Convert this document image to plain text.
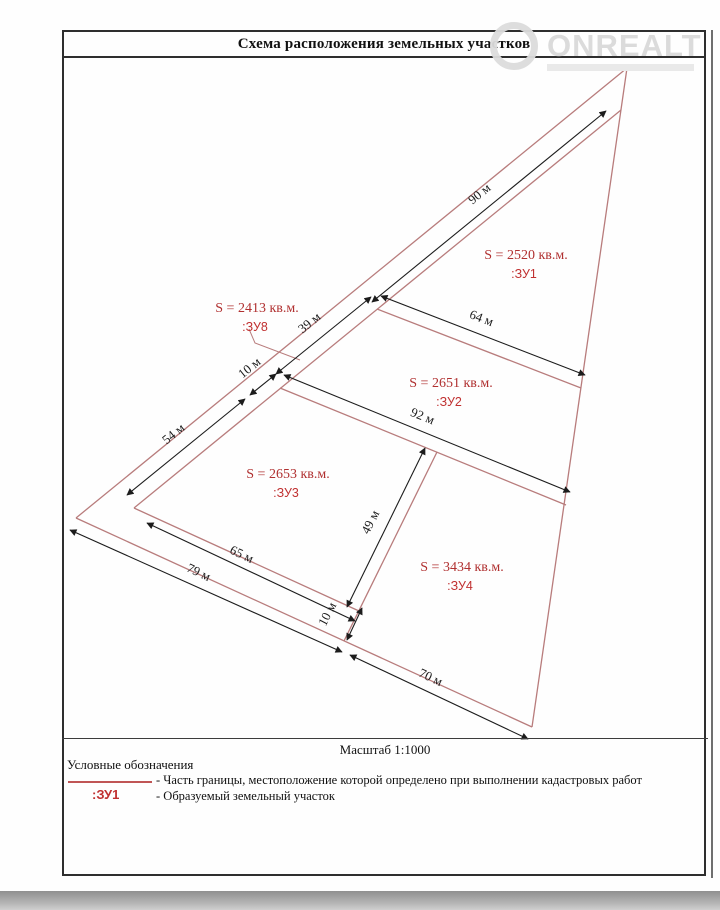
Схема расположения земельных участков
90 м
39 м
10 м
54 м
64 м
92 м
49 м
65 м
79 м
10 м
70 м
S = 2520 кв.м.
:ЗУ1
S = 2413 кв.м.
:ЗУ8
S = 2651 кв.м.
:ЗУ2
S = 2653 кв.м.
:ЗУ3
S = 3434 кв.м.
:ЗУ4
ONREALT
Масштаб 1:1000
Условные обозначения
- Часть границы, местоположение которой определено при выполнении кадастровых работ
:ЗУ1	- Образуемый земельный участок
